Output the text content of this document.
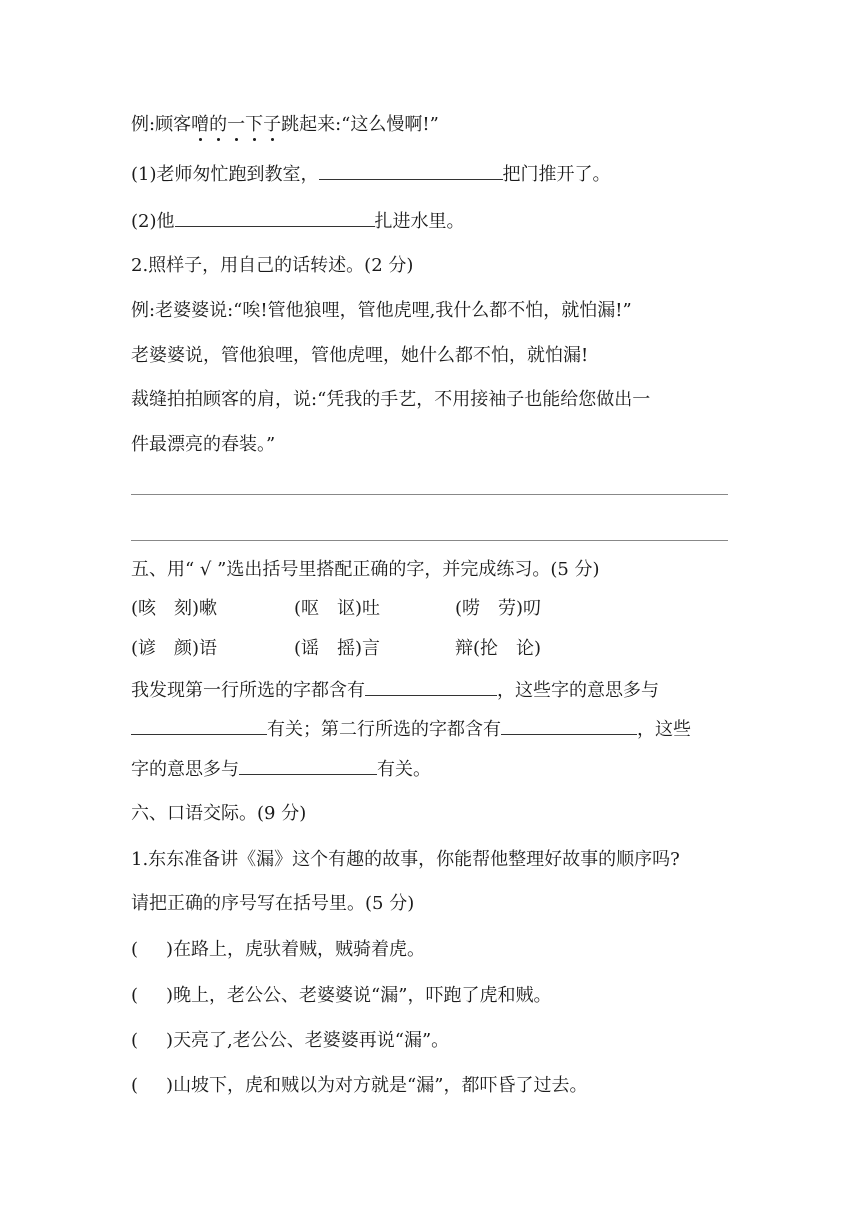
例:顾客噌的一下子跳起来:“这么慢啊!”
(1)老师匆忙跑到教室，	把门推开了。
(2)他	扎进水里。
2.照样子，用自己的话转述。(2 分)
例:老婆婆说:“唉!管他狼哩，管他虎哩,我什么都不怕，就怕漏!”
老婆婆说，管他狼哩，管他虎哩，她什么都不怕，就怕漏!
裁缝拍拍顾客的肩，说:“凭我的手艺，不用接袖子也能给您做出一
件最漂亮的春装。”
五、用“ √ ”选出括号里搭配正确的字，并完成练习。(5 分)
(咳　刻)嗽	(呕　讴)吐	(唠　劳)叨
(谚　颜)语	(谣　摇)言	辩(抡　论)
我发现第一行所选的字都含有	，这些字的意思多与
有关；第二行所选的字都含有	，这些
字的意思多与	有关。
六、口语交际。(9 分)
1.东东准备讲《漏》这个有趣的故事，你能帮他整理好故事的顺序吗?
请把正确的序号写在括号里。(5 分)
( )在路上，虎驮着贼，贼骑着虎。
( )晚上，老公公、老婆婆说“漏”，吓跑了虎和贼。
( )天亮了,老公公、老婆婆再说“漏”。
( )山坡下，虎和贼以为对方就是“漏”，都吓昏了过去。
